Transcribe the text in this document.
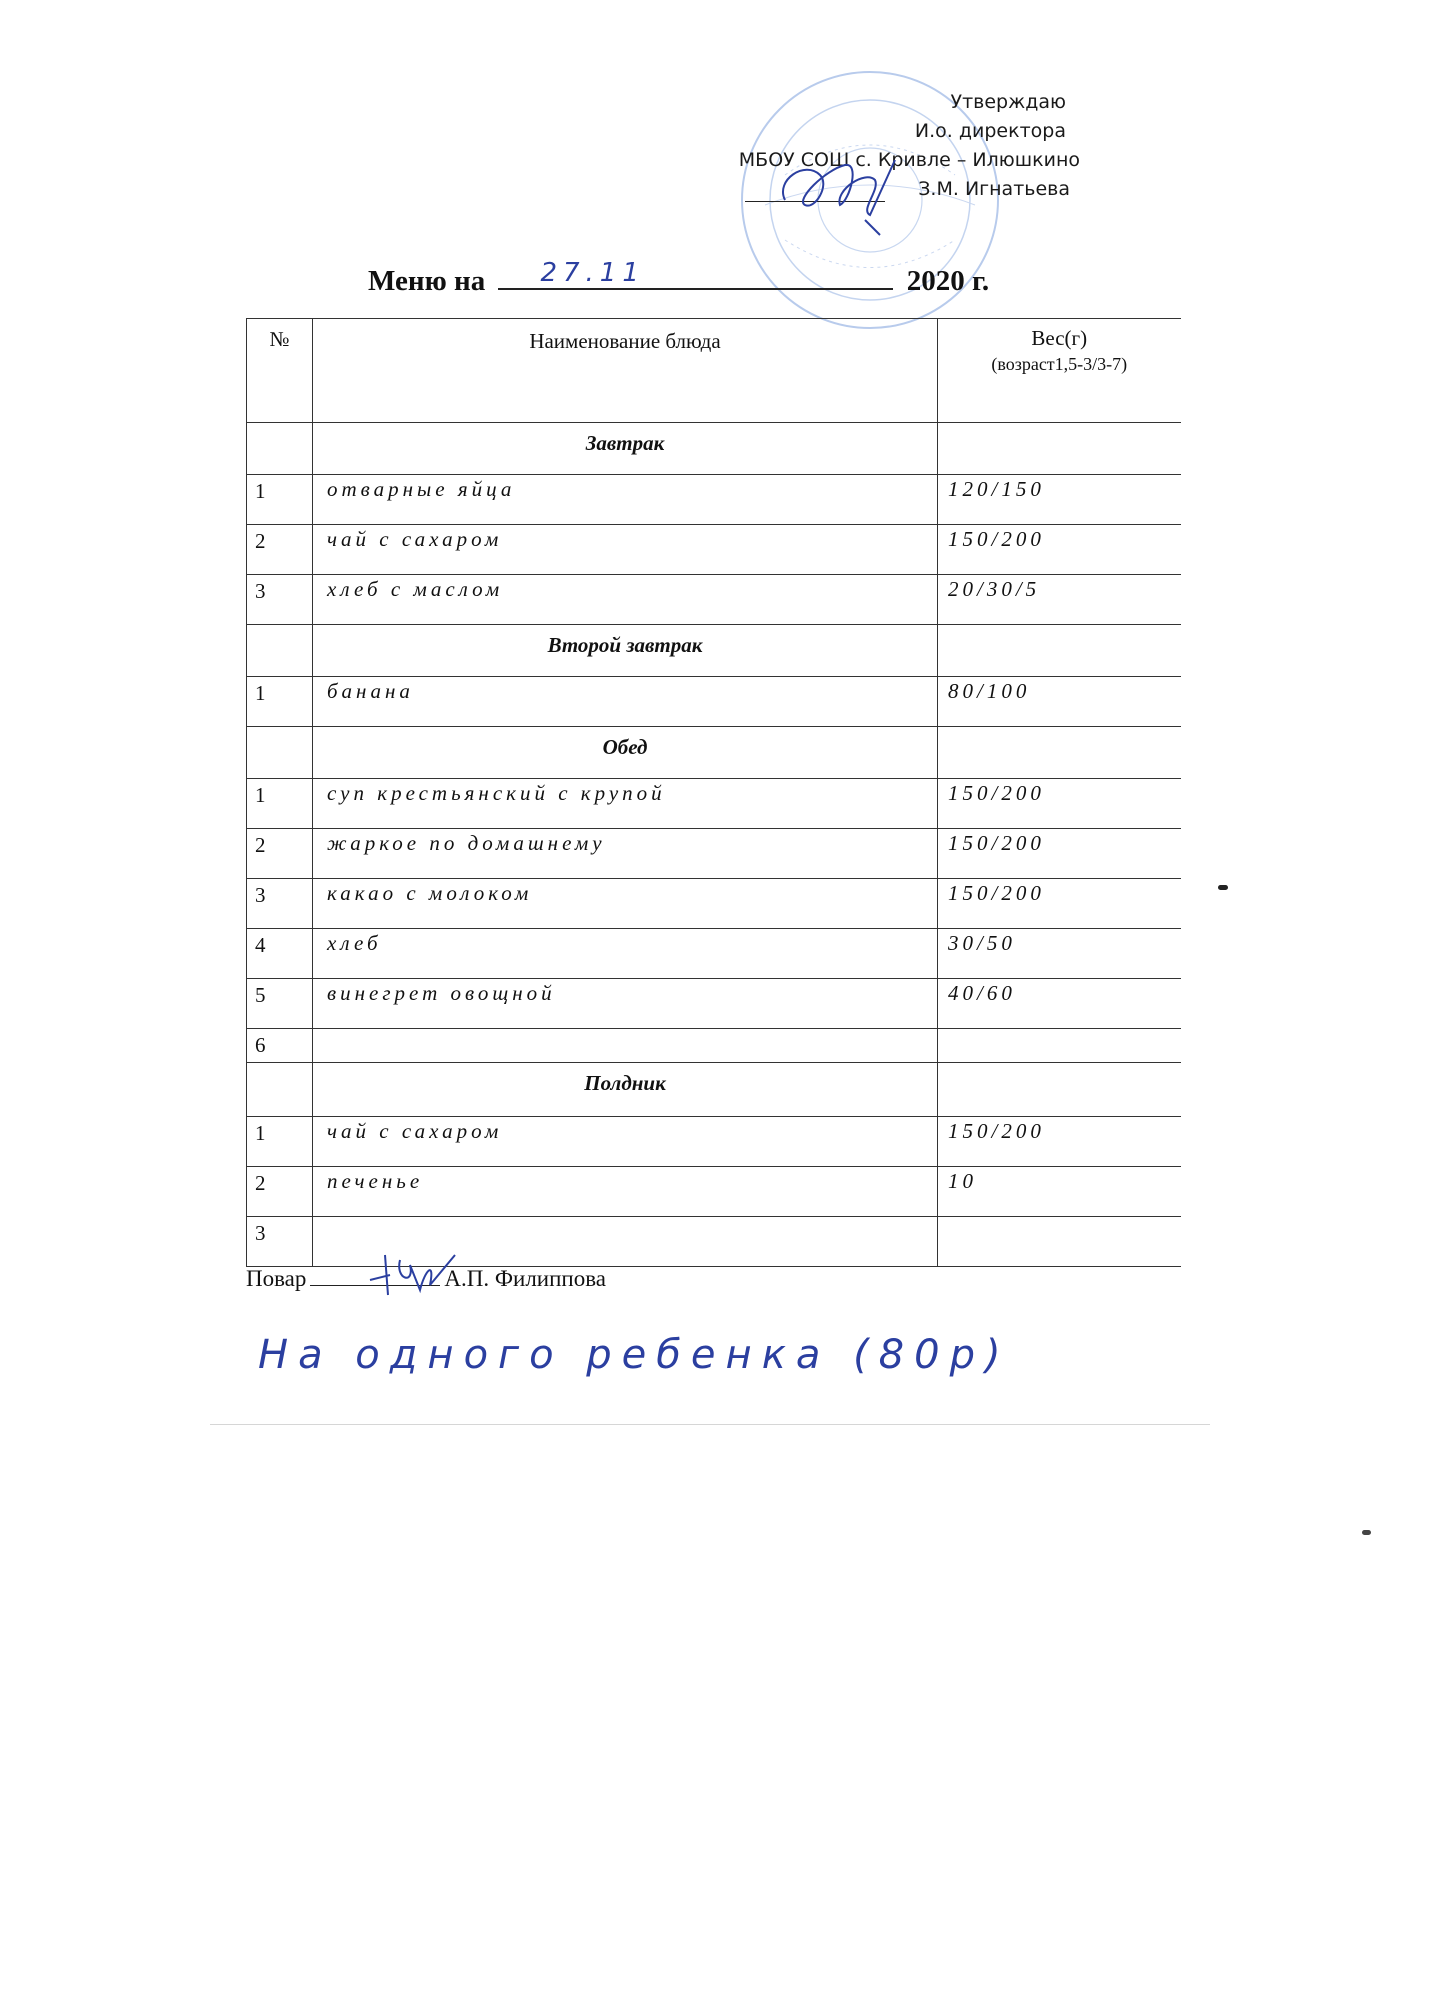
Утверждаю
И.о. директора
МБОУ СОШ с. Кривле – Илюшкино
З.М. Игнатьева
Меню на 27.11	2020 г.
№	Наименование блюда	Вес(г)
(возраст1,5-3/3-7)

	Завтрак	
1	отварные яйца	120/150

2	чай с сахаром	150/200

3	хлеб с маслом	20/30/5

	Второй завтрак	
1	банана	80/100

	Обед	
1	суп крестьянский с крупой	150/200

2	жаркое по домашнему	150/200

3	какао с молоком	150/200

4	хлеб	30/50

5	винегрет овощной	40/60

6	

	Полдник	
1	чай с сахаром	150/200

2	печенье	10

3	

Повар	А.П. Филиппова
На одного ребенка (80р)
